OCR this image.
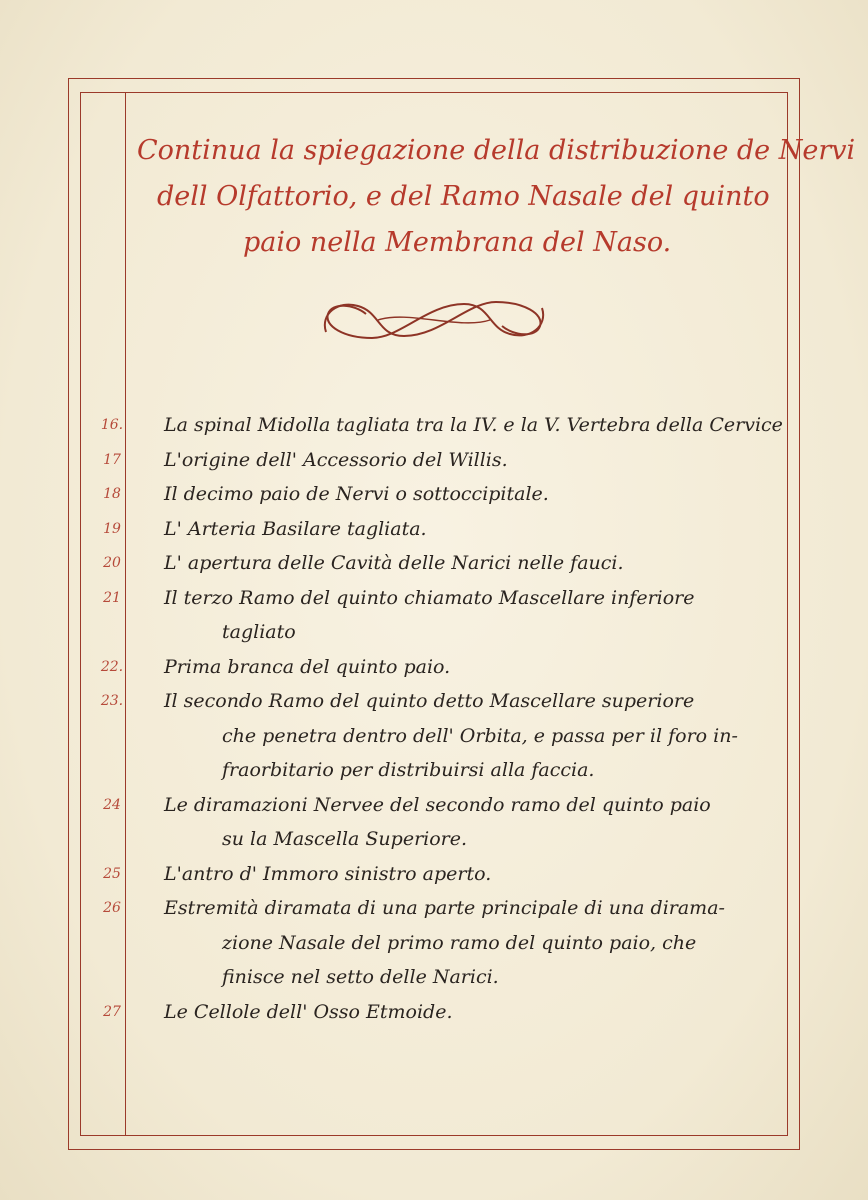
Continua la spiegazione della distribuzione de Nervi
dell Olfattorio, e del Ramo Nasale del quinto
paio nella Membrana del Naso.
16.	La spinal Midolla tagliata tra la IV. e la V. Vertebra della Cervice
17	L'origine dell' Accessorio del Willis.
18	Il decimo paio de Nervi o sottoccipitale.
19	L' Arteria Basilare tagliata.
20	L' apertura delle Cavità delle Narici nelle fauci.
21	Il terzo Ramo del quinto chiamato Mascellare inferiore
tagliato
22.	Prima branca del quinto paio.
23.	Il secondo Ramo del quinto detto Mascellare superiore
che penetra dentro dell' Orbita, e passa per il foro in-
fraorbitario per distribuirsi alla faccia.
24	Le diramazioni Nervee del secondo ramo del quinto paio
su la Mascella Superiore.
25	L'antro d' Immoro sinistro aperto.
26	Estremità diramata di una parte principale di una dirama-
zione Nasale del primo ramo del quinto paio, che
finisce nel setto delle Narici.
27	Le Cellole dell' Osso Etmoide.
